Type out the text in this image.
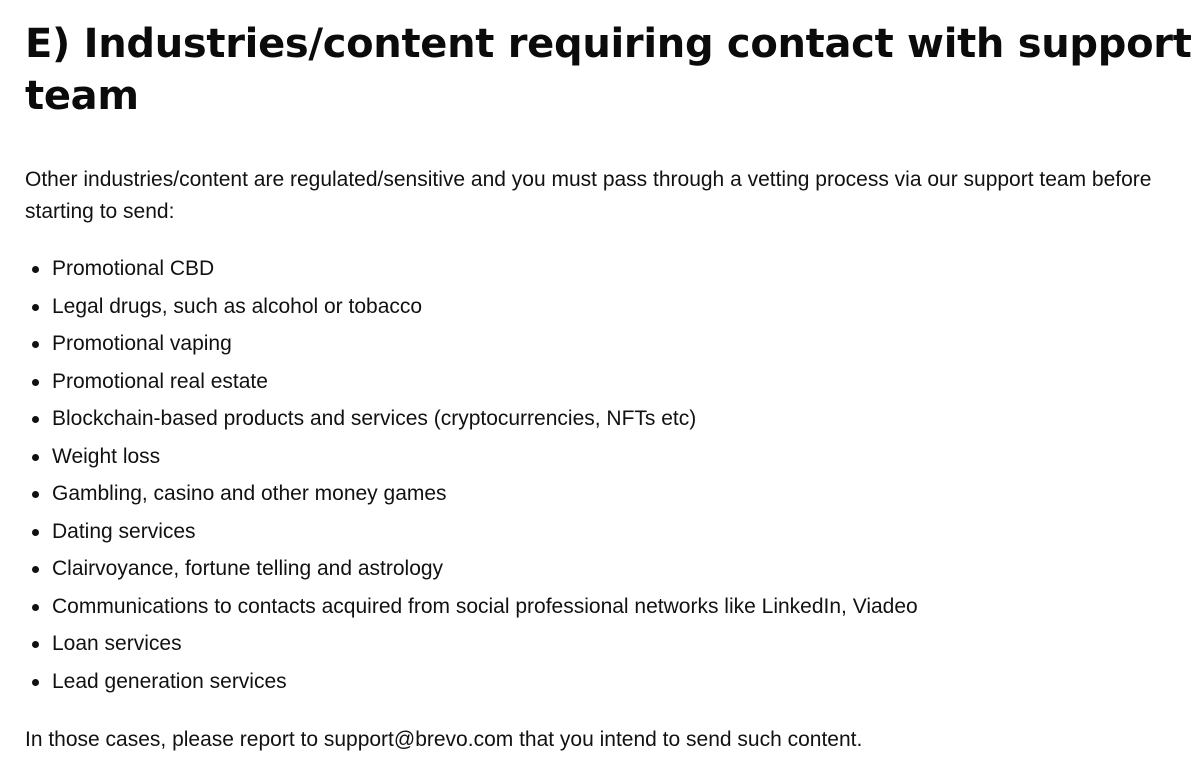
E) Industries/content requiring contact with support team

Other industries/content are regulated/sensitive and you must pass through a vetting process via our support team before starting to send:

Promotional CBD
Legal drugs, such as alcohol or tobacco
Promotional vaping
Promotional real estate
Blockchain-based products and services (cryptocurrencies, NFTs etc)
Weight loss
Gambling, casino and other money games
Dating services
Clairvoyance, fortune telling and astrology
Communications to contacts acquired from social professional networks like LinkedIn, Viadeo
Loan services
Lead generation services

In those cases, please report to support@brevo.com that you intend to send such content.
